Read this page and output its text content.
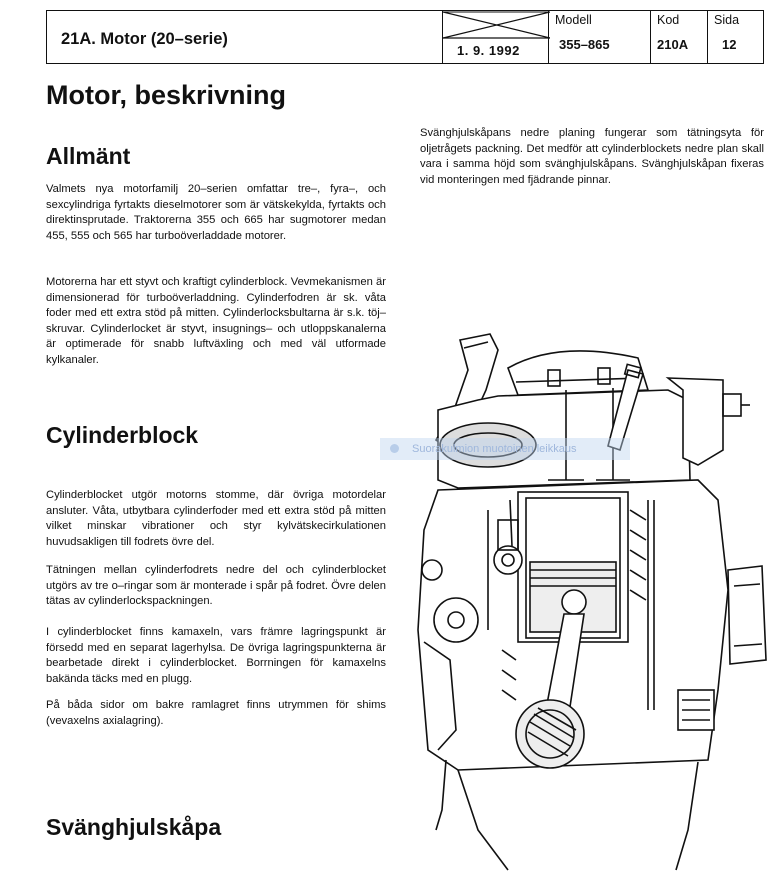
21A. Motor (20–serie)
1. 9. 1992
Modell
355–865
Kod
210A
Sida
12
Motor, beskrivning
Allmänt

Valmets nya motorfamilj 20–serien omfattar tre–, fyra–, och sexcylindriga fyrtakts dieselmotorer som är vätskekylda, fyrtakts och direktinsprutade. Traktorerna 355 och 665 har sugmotorer medan 455, 555 och 565 har turboöverladdade motorer.

Motorerna har ett styvt och kraftigt cylinderblock. Vevmekanismen är dimensionerad för turboöverladdning. Cylinderfodren är sk. våta foder med ett extra stöd på mitten. Cylinderlocksbultarna är s.k. töj–skruvar. Cylinderlocket är styvt, insugnings– och utloppskanalerna är optimerade för snabb luftväxling och med väl utformade kylkanaler.

Cylinderblock

Cylinderblocket utgör motorns stomme, där övriga motordelar ansluter. Våta, utbytbara cylinderfoder med ett extra stöd på mitten vilket minskar vibrationer och styr kylvätskecirkulationen huvudsakligen till fodrets övre del.

Tätningen mellan cylinderfodrets nedre del och cylinderblocket utgörs av tre o–ringar som är monterade i spår på fodret. Övre delen tätas av cylinderlockspackningen.

I cylinderblocket finns kamaxeln, vars främre lagringspunkt är försedd med en separat lagerhylsa. De övriga lagringspunkterna är bearbetade direkt i cylinderblocket. Borrningen för kamaxelns bakända täcks med en plugg.

På båda sidor om bakre ramlagret finns utrymmen för shims (vevaxelns axialagring).

Svänghjulskåpa

Svänghjulskåpans nedre planing fungerar som tätningsyta för oljetrågets packning. Det medför att cylinderblockets nedre plan skall vara i samma höjd som svänghjulskåpans. Svänghjulskåpan fixeras vid monteringen med fjädrande pinnar.

Suorakulmion muotoinen leikkaus
